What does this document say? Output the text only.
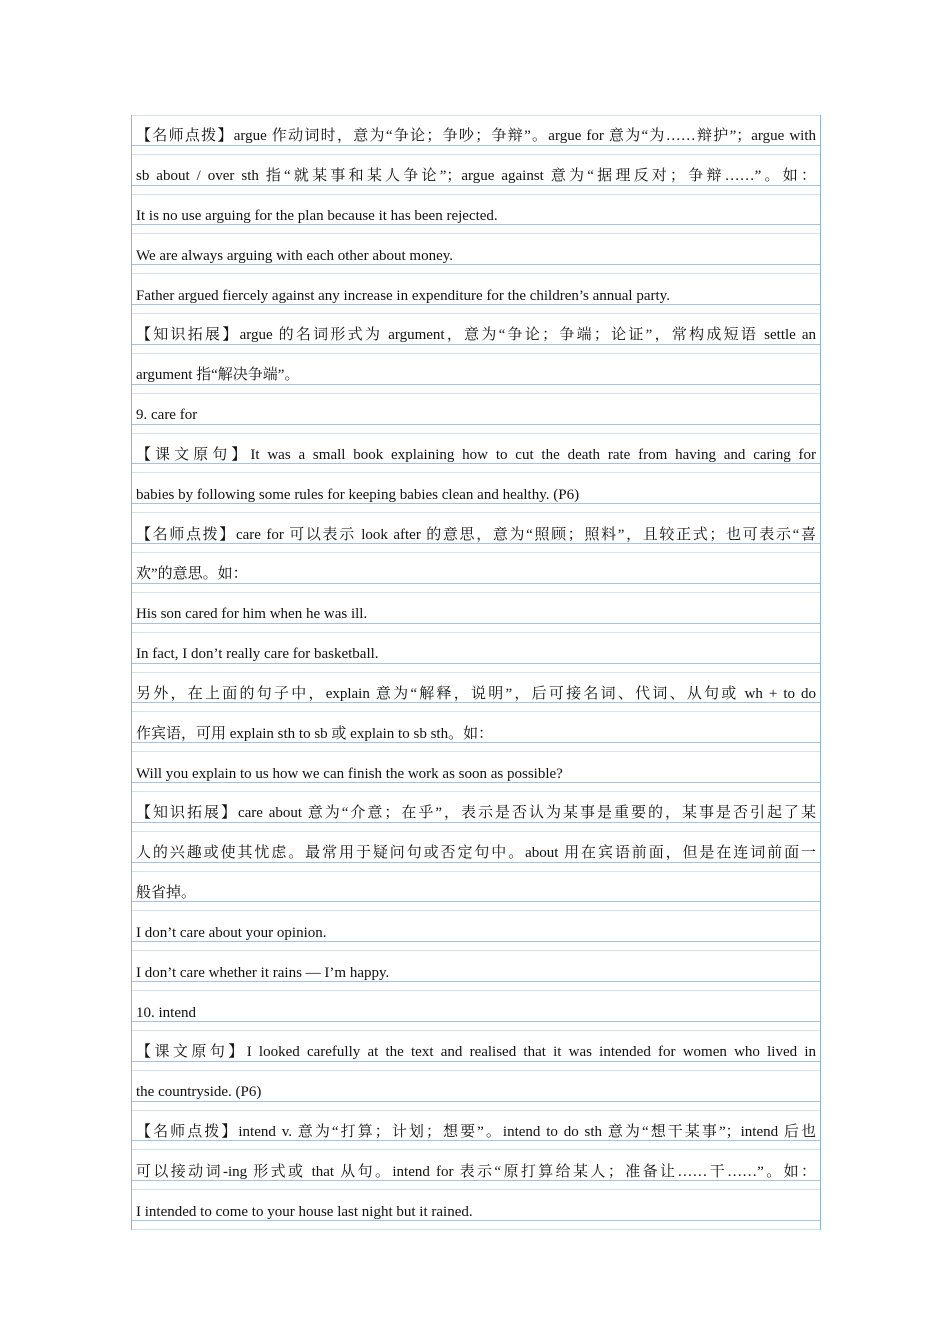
【名师点拨】argue 作动词时，意为“争论；争吵；争辩”。argue for 意为“为……辩护”；argue with
sb about / over sth 指“就某事和某人争论”；argue against 意为“据理反对；争辩……”。如：
It is no use arguing for the plan because it has been rejected.
We are always arguing with each other about money.
Father argued fiercely against any increase in expenditure for the children’s annual party.
【知识拓展】argue 的名词形式为 argument，意为“争论；争端；论证”，常构成短语 settle an
argument 指“解决争端”。
9. care for
【课文原句】It was a small book explaining how to cut the death rate from having and caring for
babies by following some rules for keeping babies clean and healthy. (P6)
【名师点拨】care for 可以表示 look after 的意思，意为“照顾；照料”，且较正式；也可表示“喜
欢”的意思。如：
His son cared for him when he was ill.
In fact, I don’t really care for basketball.
另外，在上面的句子中，explain 意为“解释，说明”，后可接名词、代词、从句或 wh + to do
作宾语，可用 explain sth to sb 或 explain to sb sth。如：
Will you explain to us how we can finish the work as soon as possible?
【知识拓展】care about 意为“介意；在乎”，表示是否认为某事是重要的，某事是否引起了某
人的兴趣或使其忧虑。最常用于疑问句或否定句中。about 用在宾语前面，但是在连词前面一
般省掉。
I don’t care about your opinion.
I don’t care whether it rains — I’m happy.
10. intend
【课文原句】I looked carefully at the text and realised that it was intended for women who lived in
the countryside. (P6)
【名师点拨】intend v. 意为“打算；计划；想要”。intend to do sth 意为“想干某事”；intend 后也
可以接动词-ing 形式或 that 从句。intend for 表示“原打算给某人；准备让……干……”。如：
I intended to come to your house last night but it rained.
